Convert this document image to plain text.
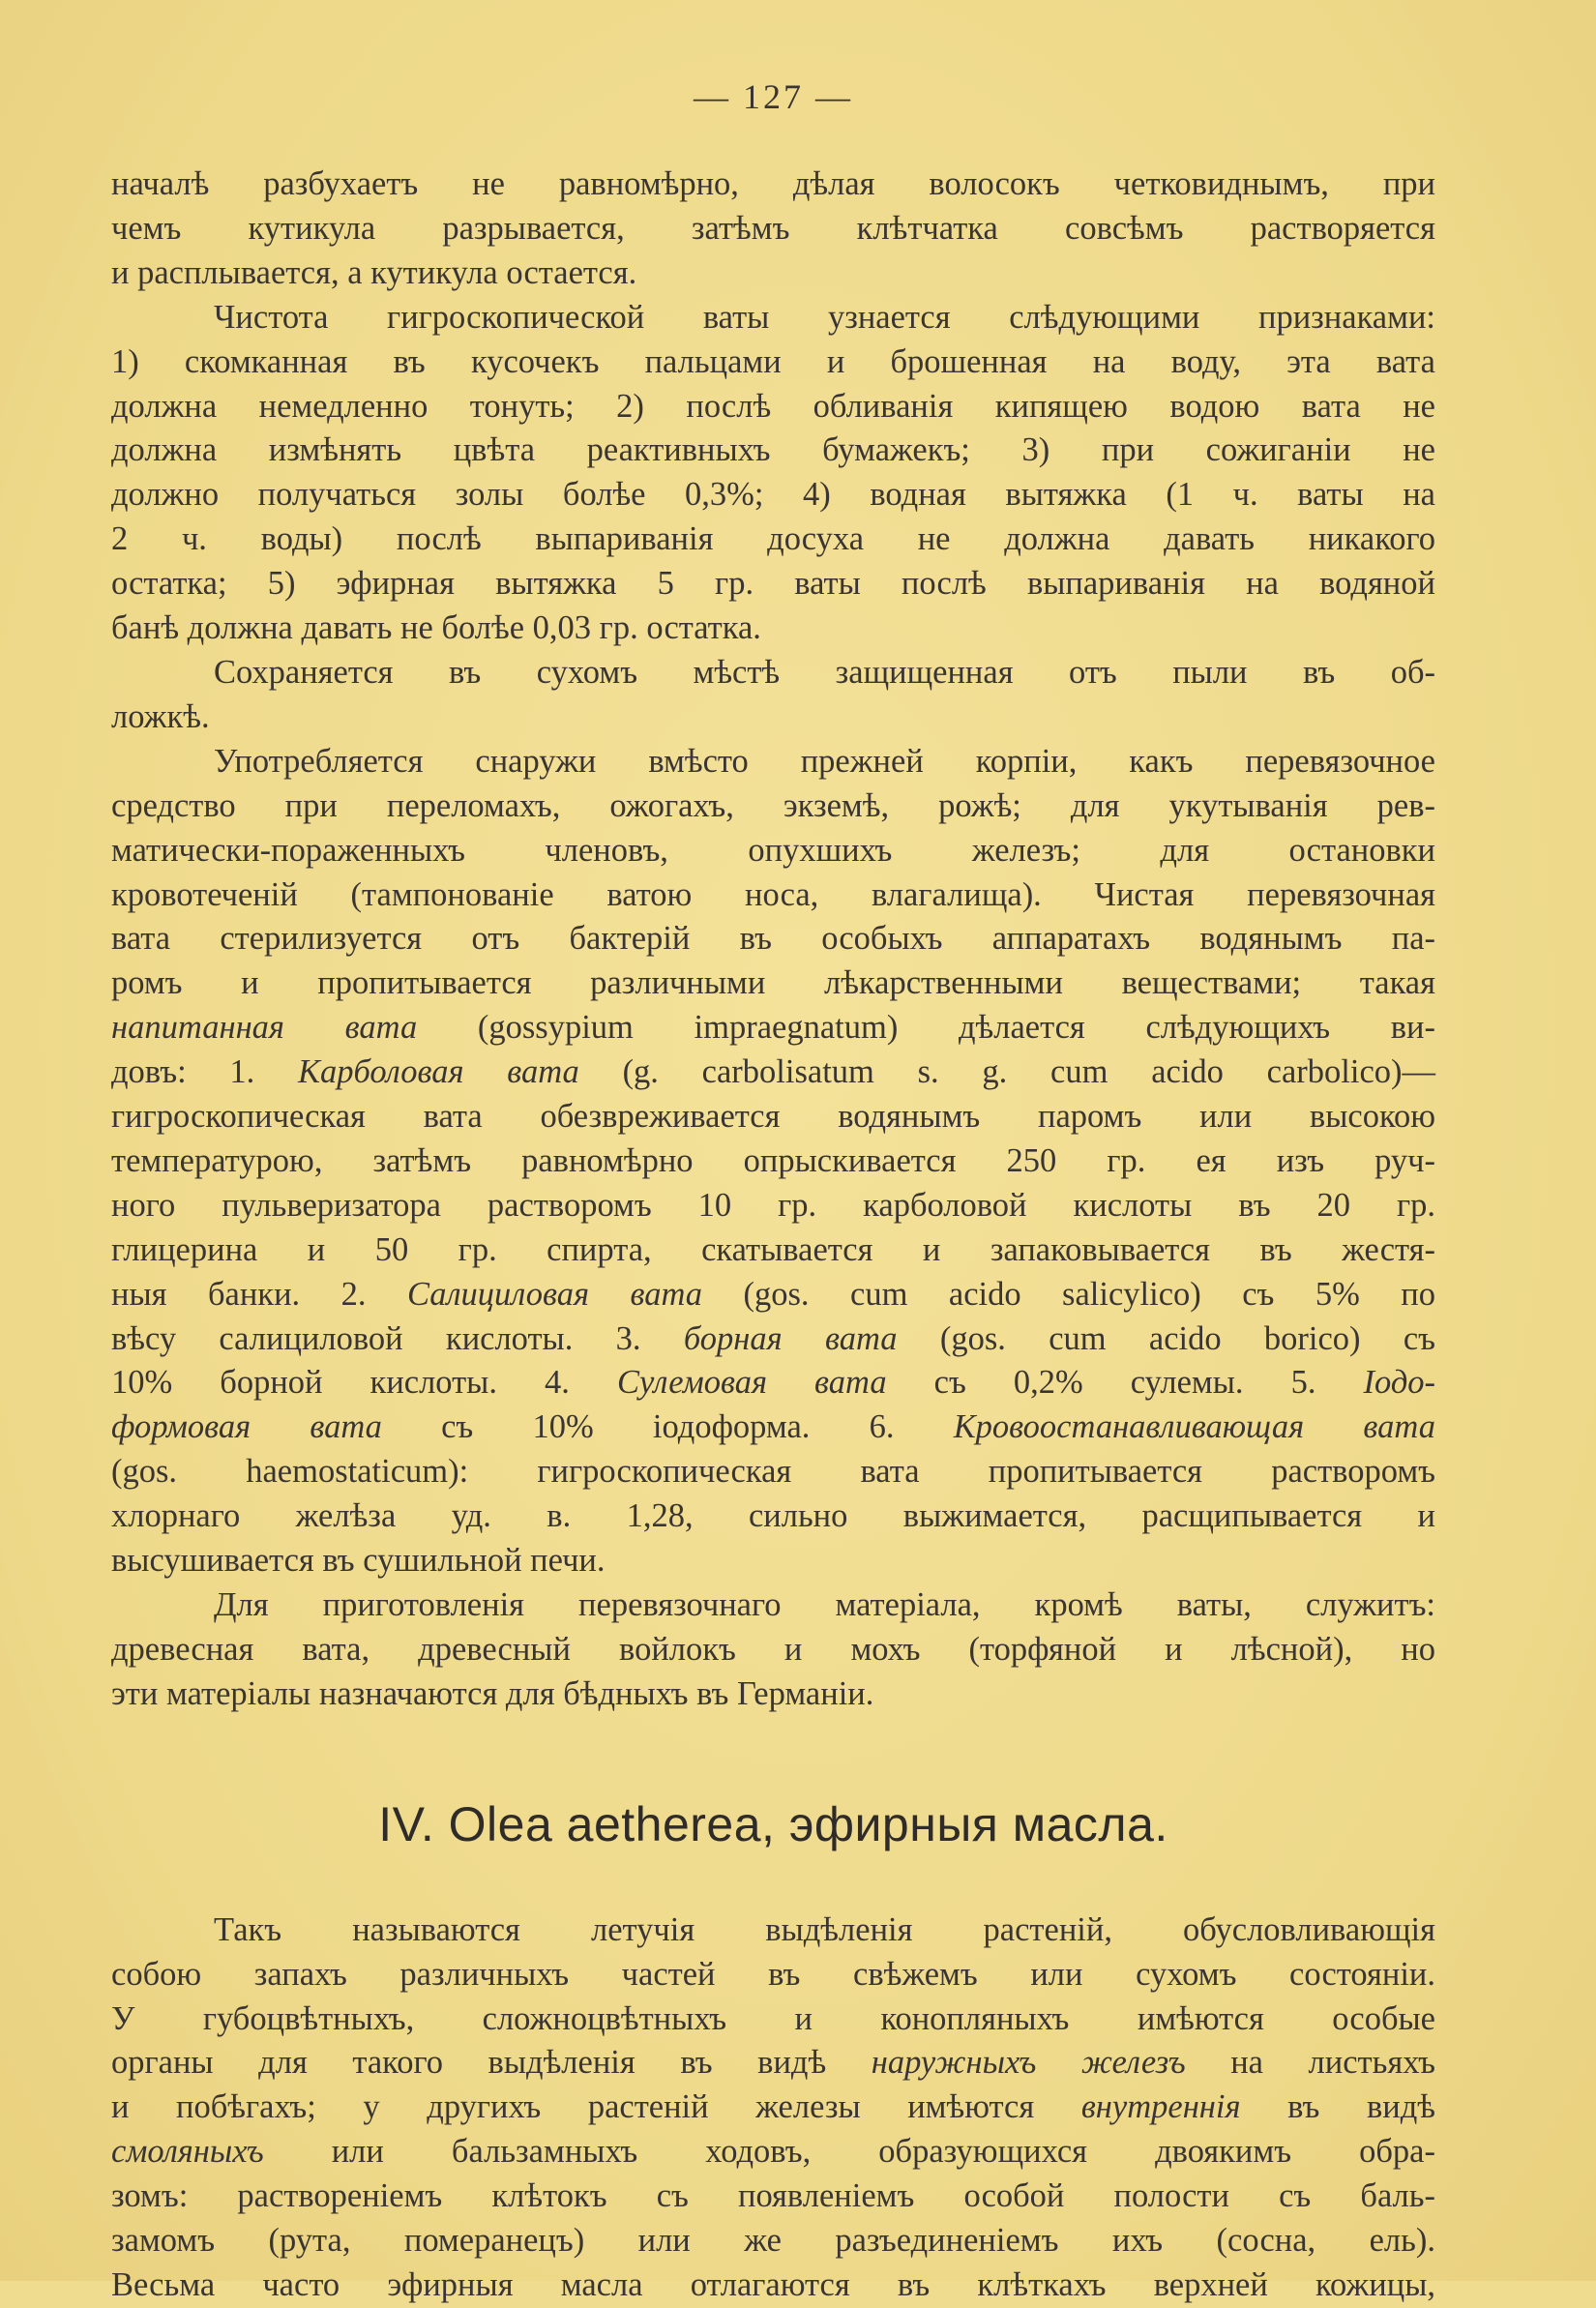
— 127 —

началѣ разбухаетъ не равномѣрно, дѣлая волосокъ четковиднымъ, при
чемъ кутикула разрывается, затѣмъ клѣтчатка совсѣмъ растворяется
и расплывается, а кутикула остается.

Чистота гигроскопической ваты узнается слѣдующими признаками:
1) скомканная въ кусочекъ пальцами и брошенная на воду, эта вата
должна немедленно тонуть; 2) послѣ обливанія кипящею водою вата не
должна измѣнять цвѣта реактивныхъ бумажекъ; 3) при сожиганіи не
должно получаться золы болѣе 0,3%; 4) водная вытяжка (1 ч. ваты на
2 ч. воды) послѣ выпариванія досуха не должна давать никакого
остатка; 5) эфирная вытяжка 5 гр. ваты послѣ выпариванія на водяной
банѣ должна давать не болѣе 0,03 гр. остатка.

Сохраняется въ сухомъ мѣстѣ защищенная отъ пыли въ об-
ложкѣ.

Употребляется снаружи вмѣсто прежней корпіи, какъ перевязочное
средство при переломахъ, ожогахъ, экземѣ, рожѣ; для укутыванія рев-
матически-пораженныхъ членовъ, опухшихъ железъ; для остановки
кровотеченій (тампонованіе ватою носа, влагалища). Чистая перевязочная
вата стерилизуется отъ бактерій въ особыхъ аппаратахъ водянымъ па-
ромъ и пропитывается различными лѣкарственными веществами; такая
напитанная вата (gossypium impraegnatum) дѣлается слѣдующихъ ви-
довъ: 1. Карболовая вата (g. carbolisatum s. g. cum acido carbolico)—
гигроскопическая вата обезвреживается водянымъ паромъ или высокою
температурою, затѣмъ равномѣрно опрыскивается 250 гр. ея изъ руч-
ного пульверизатора растворомъ 10 гр. карболовой кислоты въ 20 гр.
глицерина и 50 гр. спирта, скатывается и запаковывается въ жестя-
ныя банки. 2. Салициловая вата (gos. cum acido salicylico) съ 5% по
вѣсу салициловой кислоты. 3. борная вата (gos. cum acido borico) съ
10% борной кислоты. 4. Сулемовая вата съ 0,2% сулемы. 5. Iодо-
формовая вата съ 10% іодоформа. 6. Кровоостанавливающая вата
(gos. haemostaticum): гигроскопическая вата пропитывается растворомъ
хлорнаго желѣза уд. в. 1,28, сильно выжимается, расщипывается и
высушивается въ сушильной печи.

Для приготовленія перевязочнаго матеріала, кромѣ ваты, служитъ:
древесная вата, древесный войлокъ и мохъ (торфяной и лѣсной), но
эти матеріалы назначаются для бѣдныхъ въ Германіи.

IV. Olea aetherea, эфирныя масла.

Такъ называются летучія выдѣленія растеній, обусловливающія
собою запахъ различныхъ частей въ свѣжемъ или сухомъ состояніи.
У губоцвѣтныхъ, сложноцвѣтныхъ и конопляныхъ имѣются особые
органы для такого выдѣленія въ видѣ наружныхъ железъ на листьяхъ
и побѣгахъ; у другихъ растеній железы имѣются внутреннія въ видѣ
смоляныхъ или бальзамныхъ ходовъ, образующихся двоякимъ обра-
зомъ: раствореніемъ клѣтокъ съ появленіемъ особой полости съ баль-
замомъ (рута, померанецъ) или же разъединеніемъ ихъ (сосна, ель).
Весьма часто эфирныя масла отлагаются въ клѣткахъ верхней кожицы,
